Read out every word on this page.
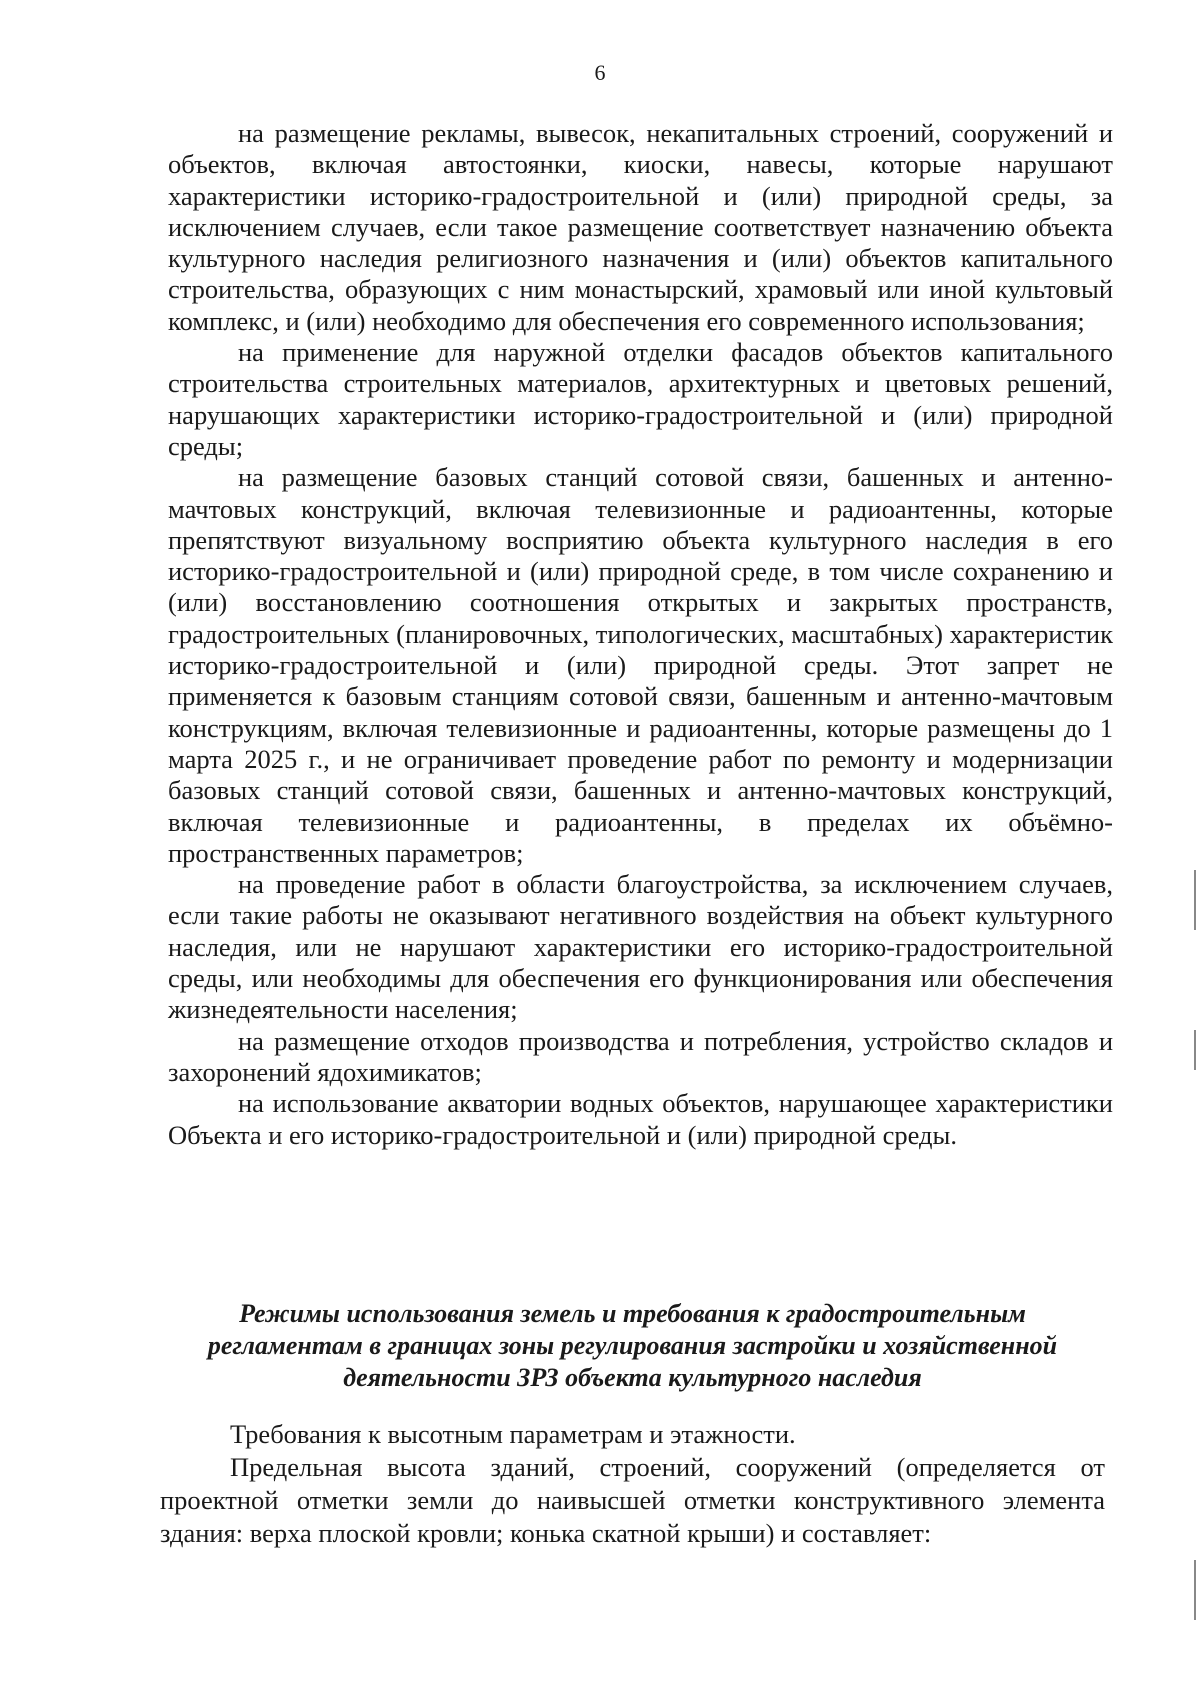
6

на размещение рекламы, вывесок, некапитальных строений, сооружений и объектов, включая автостоянки, киоски, навесы, которые нарушают характеристики историко-градостроительной и (или) природной среды, за исключением случаев, если такое размещение соответствует назначению объекта культурного наследия религиозного назначения и (или) объектов капитального строительства, образующих с ним монастырский, храмовый или иной культовый комплекс, и (или) необходимо для обеспечения его современного использования;

на применение для наружной отделки фасадов объектов капитального строительства строительных материалов, архитектурных и цветовых решений, нарушающих характеристики историко-градостроительной и (или) природной среды;

на размещение базовых станций сотовой связи, башенных и антенно-мачтовых конструкций, включая телевизионные и радиоантенны, которые препятствуют визуальному восприятию объекта культурного наследия в его историко-градостроительной и (или) природной среде, в том числе сохранению и (или) восстановлению соотношения открытых и закрытых пространств, градостроительных (планировочных, типологических, масштабных) характеристик историко-градостроительной и (или) природной среды. Этот запрет не применяется к базовым станциям сотовой связи, башенным и антенно-мачтовым конструкциям, включая телевизионные и радиоантенны, которые размещены до 1 марта 2025 г., и не ограничивает проведение работ по ремонту и модернизации базовых станций сотовой связи, башенных и антенно-мачтовых конструкций, включая телевизионные и радиоантенны, в пределах их объёмно-пространственных параметров;

на проведение работ в области благоустройства, за исключением случаев, если такие работы не оказывают негативного воздействия на объект культурного наследия, или не нарушают характеристики его историко-градостроительной среды, или необходимы для обеспечения его функционирования или обеспечения жизнедеятельности населения;

на размещение отходов производства и потребления, устройство складов и захоронений ядохимикатов;

на использование акватории водных объектов, нарушающее характеристики Объекта и его историко-градостроительной и (или) природной среды.

Режимы использования земель и требования к градостроительным регламентам в границах зоны регулирования застройки и хозяйственной деятельности ЗРЗ объекта культурного наследия

Требования к высотным параметрам и этажности.

Предельная высота зданий, строений, сооружений (определяется от проектной отметки земли до наивысшей отметки конструктивного элемента здания: верха плоской кровли; конька скатной крыши) и составляет:
